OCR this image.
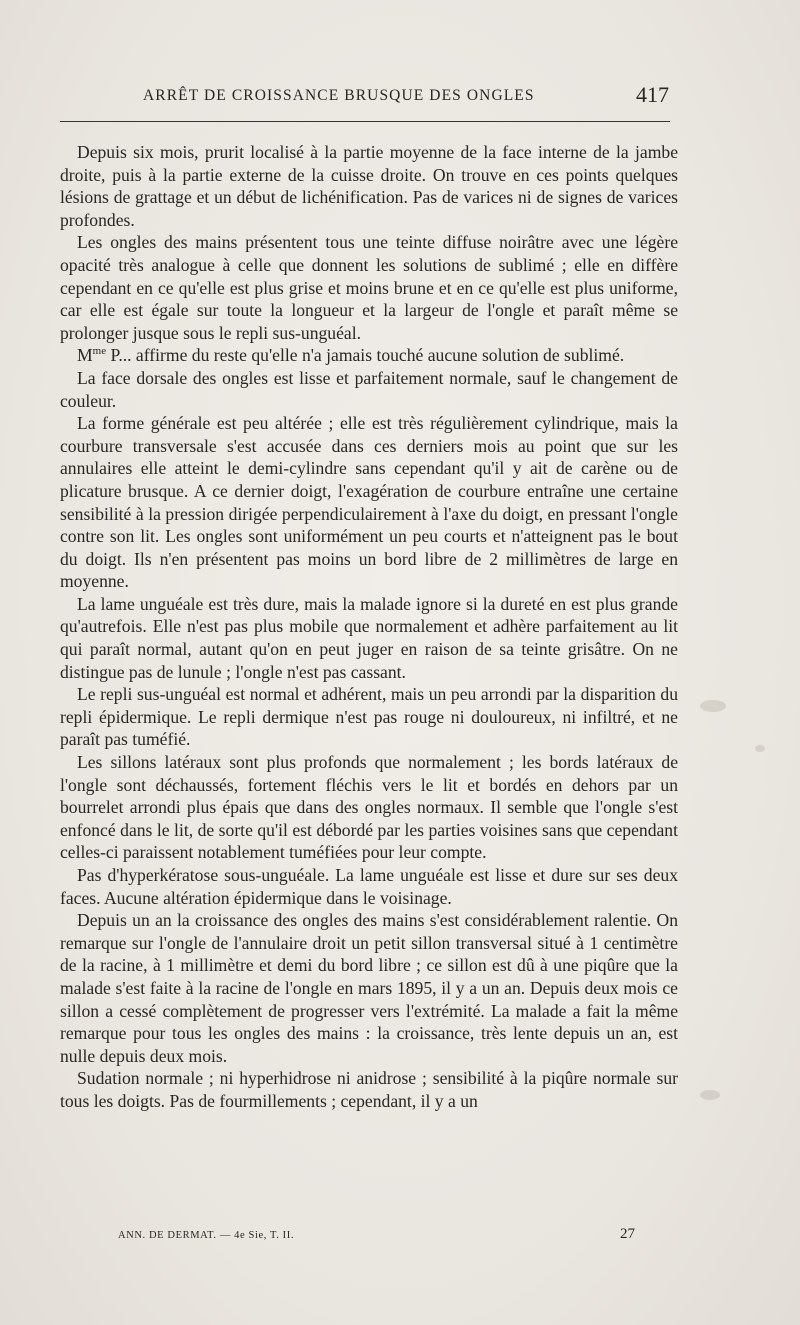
ARRÊT DE CROISSANCE BRUSQUE DES ONGLES	417

Depuis six mois, prurit localisé à la partie moyenne de la face interne de la jambe droite, puis à la partie externe de la cuisse droite. On trouve en ces points quelques lésions de grattage et un début de lichénification. Pas de varices ni de signes de varices profondes.

Les ongles des mains présentent tous une teinte diffuse noirâtre avec une légère opacité très analogue à celle que donnent les solutions de sublimé ; elle en diffère cependant en ce qu'elle est plus grise et moins brune et en ce qu'elle est plus uniforme, car elle est égale sur toute la longueur et la largeur de l'ongle et paraît même se prolonger jusque sous le repli sus-unguéal.

$M^{me}$ P... affirme du reste qu'elle n'a jamais touché aucune solution de sublimé.

La face dorsale des ongles est lisse et parfaitement normale, sauf le changement de couleur.

La forme générale est peu altérée ; elle est très régulièrement cylindrique, mais la courbure transversale s'est accusée dans ces derniers mois au point que sur les annulaires elle atteint le demi-cylindre sans cependant qu'il y ait de carène ou de plicature brusque. A ce dernier doigt, l'exagération de courbure entraîne une certaine sensibilité à la pression dirigée perpendiculairement à l'axe du doigt, en pressant l'ongle contre son lit. Les ongles sont uniformément un peu courts et n'atteignent pas le bout du doigt. Ils n'en présentent pas moins un bord libre de 2 millimètres de large en moyenne.

La lame unguéale est très dure, mais la malade ignore si la dureté en est plus grande qu'autrefois. Elle n'est pas plus mobile que normalement et adhère parfaitement au lit qui paraît normal, autant qu'on en peut juger en raison de sa teinte grisâtre. On ne distingue pas de lunule ; l'ongle n'est pas cassant.

Le repli sus-unguéal est normal et adhérent, mais un peu arrondi par la disparition du repli épidermique. Le repli dermique n'est pas rouge ni douloureux, ni infiltré, et ne paraît pas tuméfié.

Les sillons latéraux sont plus profonds que normalement ; les bords latéraux de l'ongle sont déchaussés, fortement fléchis vers le lit et bordés en dehors par un bourrelet arrondi plus épais que dans des ongles normaux. Il semble que l'ongle s'est enfoncé dans le lit, de sorte qu'il est débordé par les parties voisines sans que cependant celles-ci paraissent notablement tuméfiées pour leur compte.

Pas d'hyperkératose sous-unguéale. La lame unguéale est lisse et dure sur ses deux faces. Aucune altération épidermique dans le voisinage.

Depuis un an la croissance des ongles des mains s'est considérablement ralentie. On remarque sur l'ongle de l'annulaire droit un petit sillon transversal situé à 1 centimètre de la racine, à 1 millimètre et demi du bord libre ; ce sillon est dû à une piqûre que la malade s'est faite à la racine de l'ongle en mars 1895, il y a un an. Depuis deux mois ce sillon a cessé complètement de progresser vers l'extrémité. La malade a fait la même remarque pour tous les ongles des mains : la croissance, très lente depuis un an, est nulle depuis deux mois.

Sudation normale ; ni hyperhidrose ni anidrose ; sensibilité à la piqûre normale sur tous les doigts. Pas de fourmillements ; cependant, il y a un

ANN. DE DERMAT. — 4e Sie, T. II.	27
